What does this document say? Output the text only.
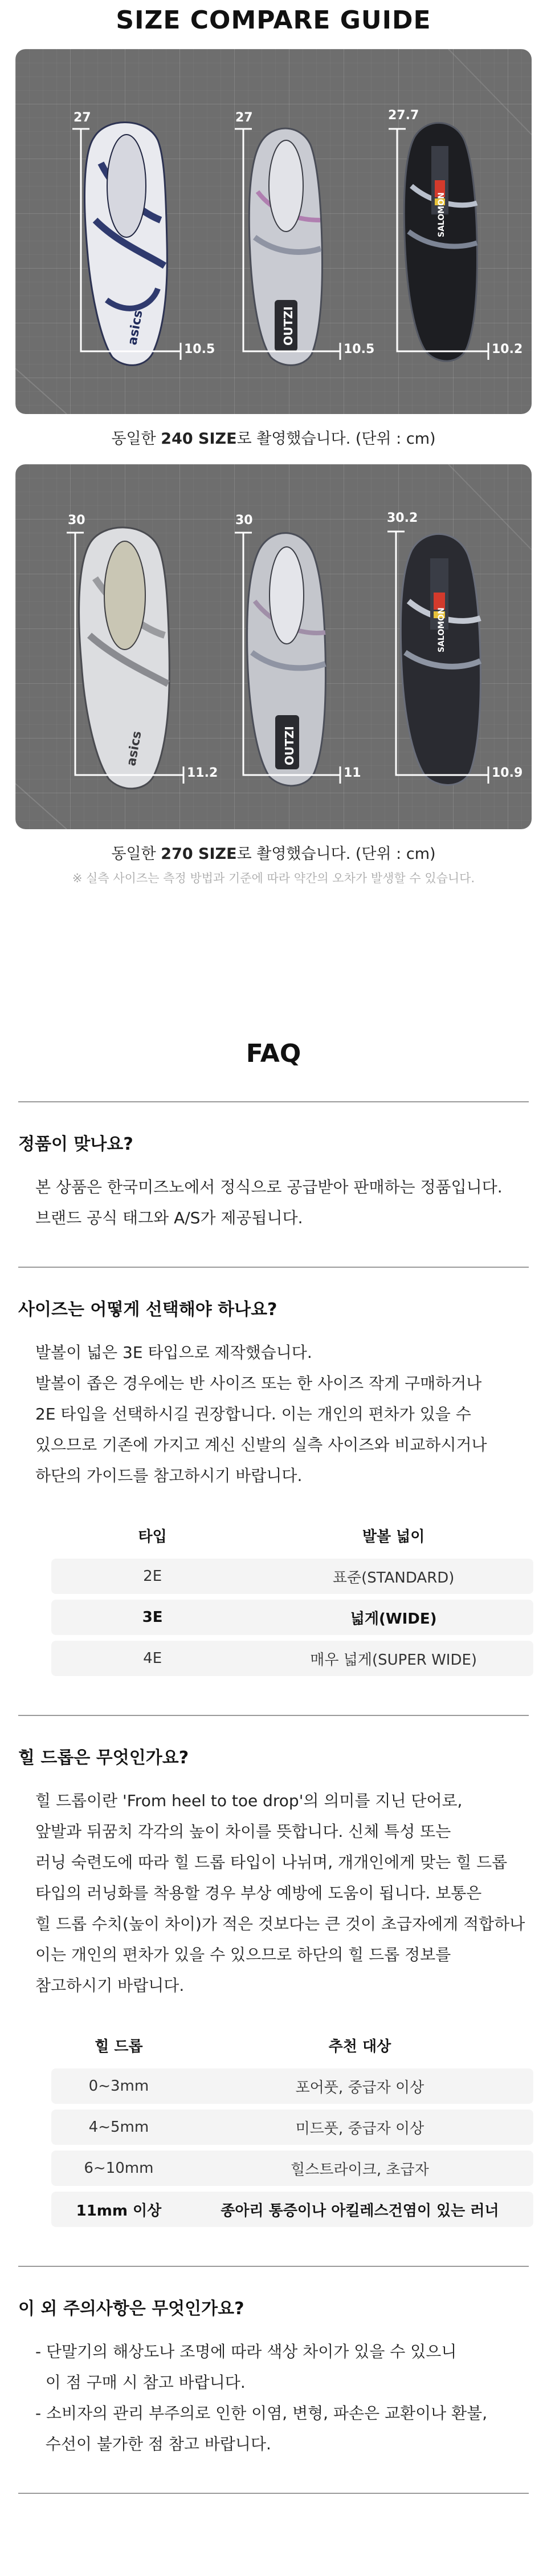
SIZE COMPARE GUIDE
asics	OUTZI
SALOMON
27	27	27.7
10.5	10.5	10.2
동일한 240 SIZE로 촬영했습니다. (단위 : cm)
asics	OUTZI
SALOMON
30	30	30.2
11.2	11	10.9
동일한 270 SIZE로 촬영했습니다. (단위 : cm)
※ 실측 사이즈는 측정 방법과 기준에 따라 약간의 오차가 발생할 수 있습니다.
FAQ
정품이 맞나요?
본 상품은 한국미즈노에서 정식으로 공급받아 판매하는 정품입니다.
브랜드 공식 태그와 A/S가 제공됩니다.
사이즈는 어떻게 선택해야 하나요?
발볼이 넓은 3E 타입으로 제작했습니다.
발볼이 좁은 경우에는 반 사이즈 또는 한 사이즈 작게 구매하거나
2E 타입을 선택하시길 권장합니다. 이는 개인의 편차가 있을 수
있으므로 기존에 가지고 계신 신발의 실측 사이즈와 비교하시거나
하단의 가이드를 참고하시기 바랍니다.
타입	발볼 넓이
2E	표준(STANDARD)
3E	넓게(WIDE)
4E	매우 넓게(SUPER WIDE)
힐 드롭은 무엇인가요?
힐 드롭이란 'From heel to toe drop'의 의미를 지닌 단어로,
앞발과 뒤꿈치 각각의 높이 차이를 뜻합니다. 신체 특성 또는
러닝 숙련도에 따라 힐 드롭 타입이 나뉘며, 개개인에게 맞는 힐 드롭
타입의 러닝화를 착용할 경우 부상 예방에 도움이 됩니다. 보통은
힐 드롭 수치(높이 차이)가 적은 것보다는 큰 것이 초급자에게 적합하나
이는 개인의 편차가 있을 수 있으므로 하단의 힐 드롭 정보를
참고하시기 바랍니다.
힐 드롭	추천 대상
0~3mm	포어풋, 중급자 이상
4~5mm	미드풋, 중급자 이상
6~10mm	힐스트라이크, 초급자
11mm 이상	종아리 통증이나 아킬레스건염이 있는 러너
이 외 주의사항은 무엇인가요?
- 단말기의 해상도나 조명에 따라 색상 차이가 있을 수 있으니
이 점 구매 시 참고 바랍니다.
- 소비자의 관리 부주의로 인한 이염, 변형, 파손은 교환이나 환불,
수선이 불가한 점 참고 바랍니다.
